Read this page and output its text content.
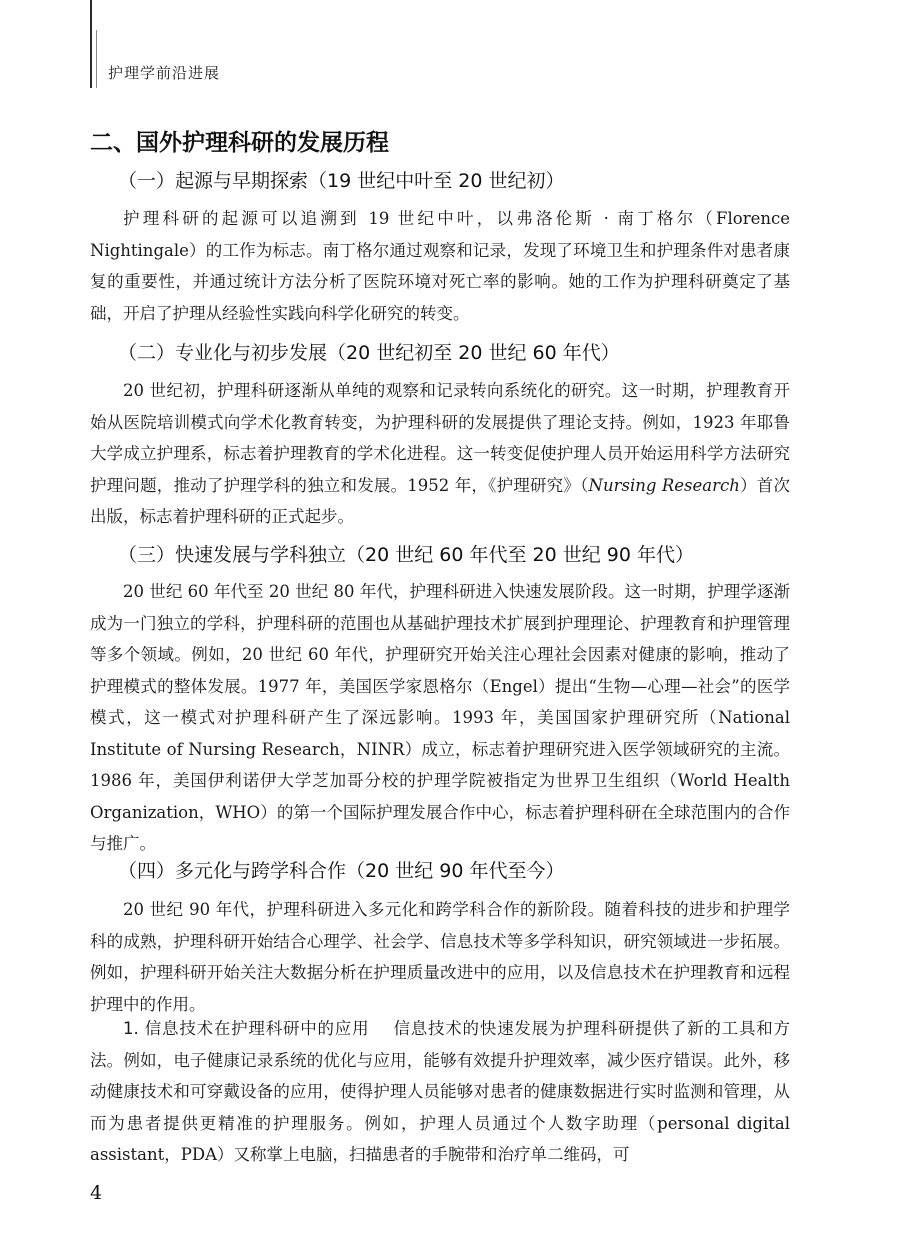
护理学前沿进展
二、国外护理科研的发展历程
（一）起源与早期探索（19 世纪中叶至 20 世纪初）

护理科研的起源可以追溯到 19 世纪中叶，以弗洛伦斯 · 南丁格尔（Florence Nightingale）的工作为标志。南丁格尔通过观察和记录，发现了环境卫生和护理条件对患者康复的重要性，并通过统计方法分析了医院环境对死亡率的影响。她的工作为护理科研奠定了基础，开启了护理从经验性实践向科学化研究的转变。

（二）专业化与初步发展（20 世纪初至 20 世纪 60 年代）

20 世纪初，护理科研逐渐从单纯的观察和记录转向系统化的研究。这一时期，护理教育开始从医院培训模式向学术化教育转变，为护理科研的发展提供了理论支持。例如，1923 年耶鲁大学成立护理系，标志着护理教育的学术化进程。这一转变促使护理人员开始运用科学方法研究护理问题，推动了护理学科的独立和发展。1952 年，《护理研究》（Nursing Research）首次出版，标志着护理科研的正式起步。

（三）快速发展与学科独立（20 世纪 60 年代至 20 世纪 90 年代）

20 世纪 60 年代至 20 世纪 80 年代，护理科研进入快速发展阶段。这一时期，护理学逐渐成为一门独立的学科，护理科研的范围也从基础护理技术扩展到护理理论、护理教育和护理管理等多个领域。例如，20 世纪 60 年代，护理研究开始关注心理社会因素对健康的影响，推动了护理模式的整体发展。1977 年，美国医学家恩格尔（Engel）提出“生物—心理—社会”的医学模式，这一模式对护理科研产生了深远影响。1993 年，美国国家护理研究所（National Institute of Nursing Research，NINR）成立，标志着护理研究进入医学领域研究的主流。1986 年，美国伊利诺伊大学芝加哥分校的护理学院被指定为世界卫生组织（World Health Organization，WHO）的第一个国际护理发展合作中心，标志着护理科研在全球范围内的合作与推广。

（四）多元化与跨学科合作（20 世纪 90 年代至今）

20 世纪 90 年代，护理科研进入多元化和跨学科合作的新阶段。随着科技的进步和护理学科的成熟，护理科研开始结合心理学、社会学、信息技术等多学科知识，研究领域进一步拓展。例如，护理科研开始关注大数据分析在护理质量改进中的应用，以及信息技术在护理教育和远程护理中的作用。

1. 信息技术在护理科研中的应用 信息技术的快速发展为护理科研提供了新的工具和方法。例如，电子健康记录系统的优化与应用，能够有效提升护理效率，减少医疗错误。此外，移动健康技术和可穿戴设备的应用，使得护理人员能够对患者的健康数据进行实时监测和管理，从而为患者提供更精准的护理服务。例如，护理人员通过个人数字助理（personal digital assistant，PDA）又称掌上电脑，扫描患者的手腕带和治疗单二维码，可

4
